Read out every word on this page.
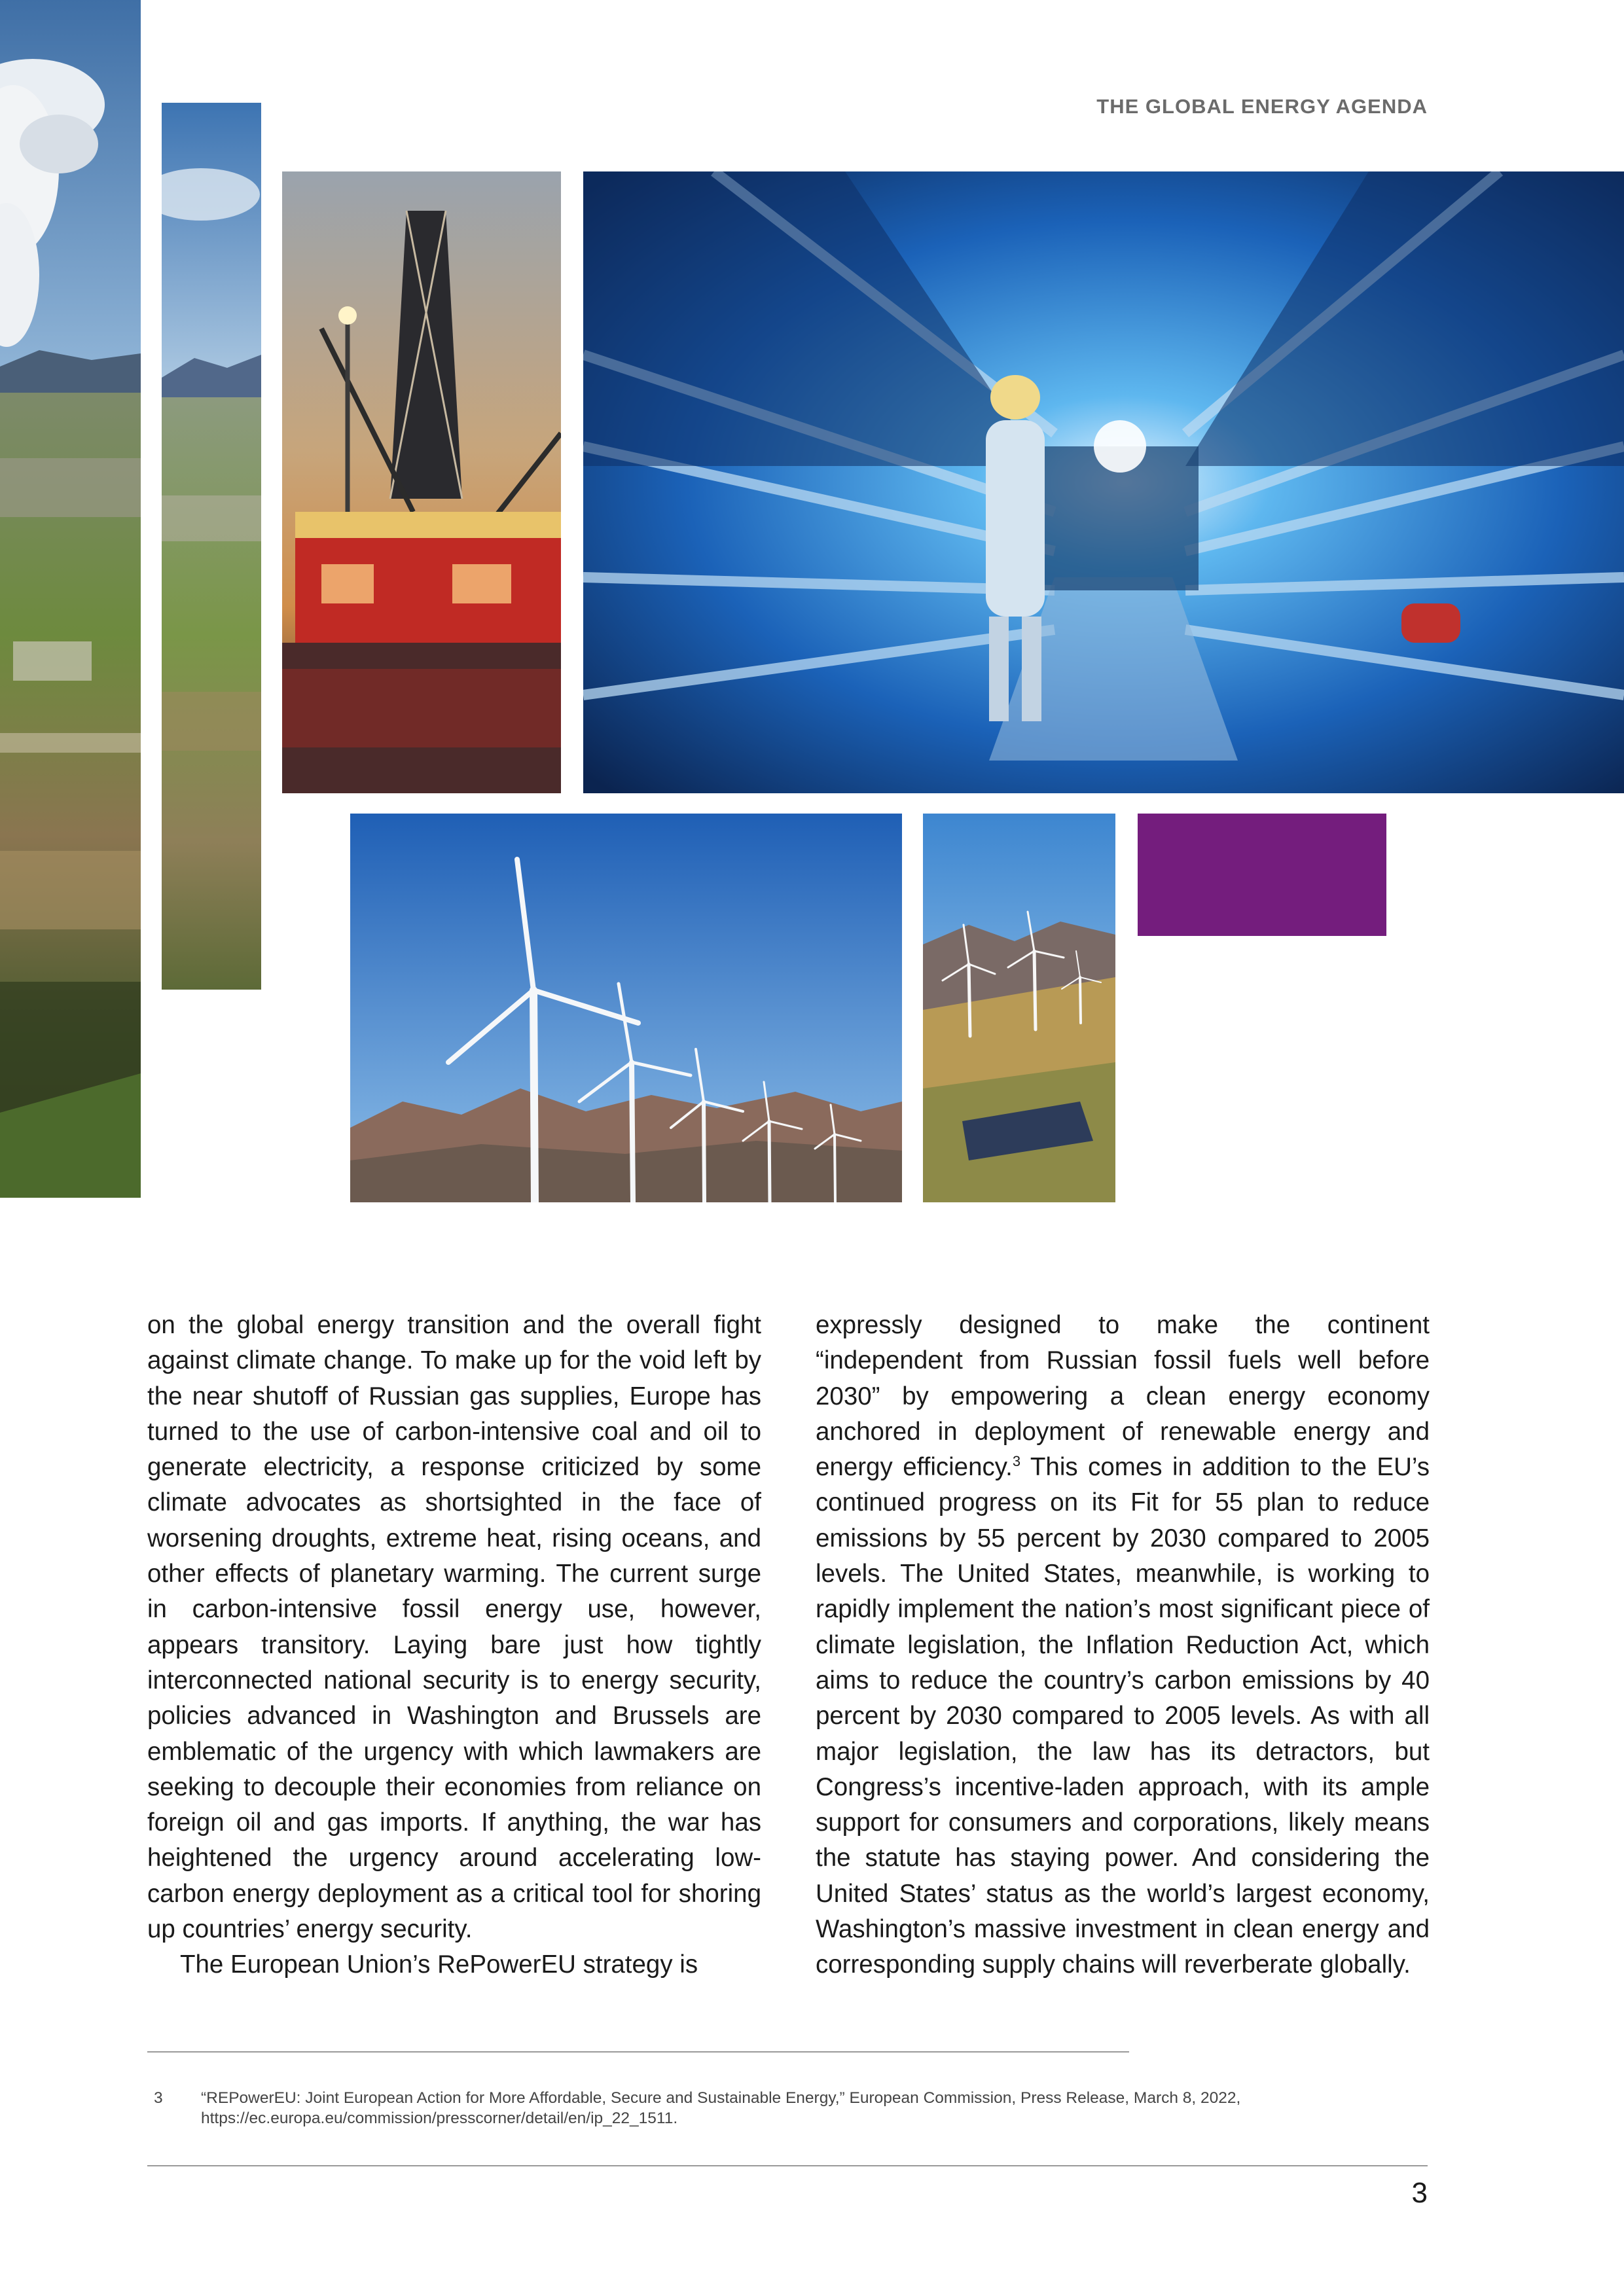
THE GLOBAL ENERGY AGENDA

on the global energy transition and the overall fight against climate change. To make up for the void left by the near shutoff of Russian gas supplies, Europe has turned to the use of carbon-intensive coal and oil to generate electricity, a response criticized by some climate advocates as shortsighted in the face of worsening droughts, extreme heat, rising oceans, and other effects of planetary warming. The current surge in carbon-intensive fossil energy use, however, appears transitory. Laying bare just how tightly interconnected national security is to energy security, policies advanced in Washington and Brussels are emblematic of the urgency with which lawmakers are seeking to decouple their economies from reliance on foreign oil and gas imports. If anything, the war has heightened the urgency around accelerating low-carbon energy deployment as a critical tool for shoring up countries’ energy security.

The European Union’s RePowerEU strategy is

expressly designed to make the continent “independent from Russian fossil fuels well before 2030” by empowering a clean energy economy anchored in deployment of renewable energy and energy efficiency.$^3$ This comes in addition to the EU’s continued progress on its Fit for 55 plan to reduce emissions by 55 percent by 2030 compared to 2005 levels. The United States, meanwhile, is working to rapidly implement the nation’s most significant piece of climate legislation, the Inflation Reduction Act, which aims to reduce the country’s carbon emissions by 40 percent by 2030 compared to 2005 levels. As with all major legislation, the law has its detractors, but Congress’s incentive-laden approach, with its ample support for consumers and corporations, likely means the statute has staying power. And considering the United States’ status as the world’s largest economy, Washington’s massive investment in clean energy and corresponding supply chains will reverberate globally.

3 “REPowerEU: Joint European Action for More Affordable, Secure and Sustainable Energy,” European Commission, Press Release, March 8, 2022, https://ec.europa.eu/commission/presscorner/detail/en/ip_22_1511.
3
